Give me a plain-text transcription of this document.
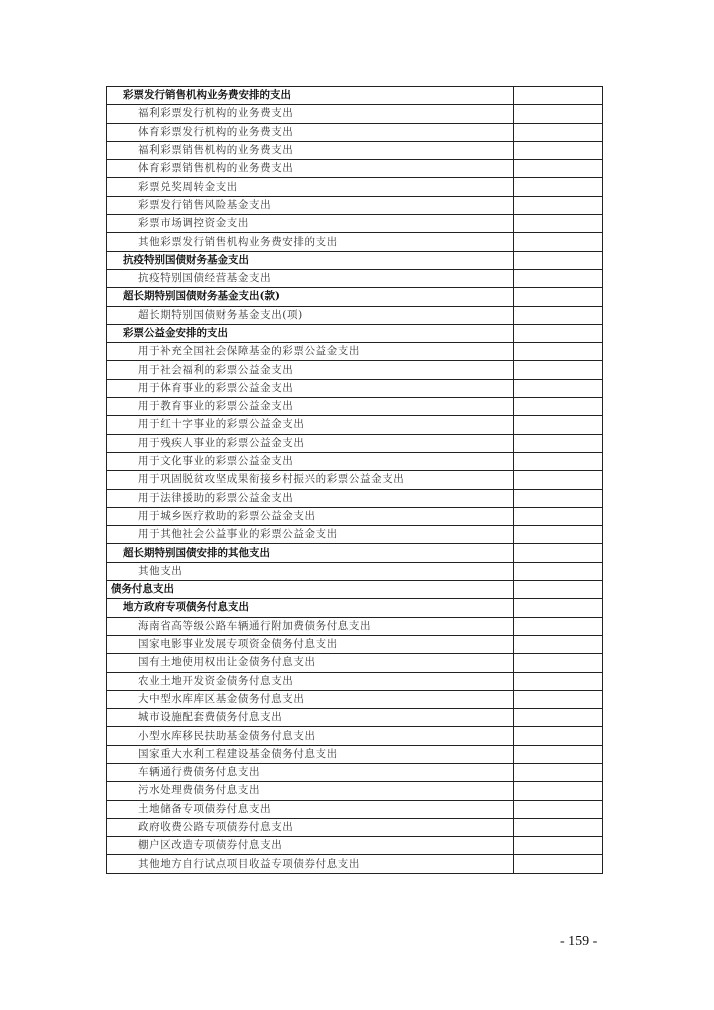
彩票发行销售机构业务费安排的支出	
福利彩票发行机构的业务费支出	
体育彩票发行机构的业务费支出	
福利彩票销售机构的业务费支出	
体育彩票销售机构的业务费支出	
彩票兑奖周转金支出	
彩票发行销售风险基金支出	
彩票市场调控资金支出	
其他彩票发行销售机构业务费安排的支出	
抗疫特别国债财务基金支出	
抗疫特别国债经营基金支出	
超长期特别国债财务基金支出(款)	
超长期特别国债财务基金支出(项)	
彩票公益金安排的支出	
用于补充全国社会保障基金的彩票公益金支出	
用于社会福利的彩票公益金支出	
用于体育事业的彩票公益金支出	
用于教育事业的彩票公益金支出	
用于红十字事业的彩票公益金支出	
用于残疾人事业的彩票公益金支出	
用于文化事业的彩票公益金支出	
用于巩固脱贫攻坚成果衔接乡村振兴的彩票公益金支出	
用于法律援助的彩票公益金支出	
用于城乡医疗救助的彩票公益金支出	
用于其他社会公益事业的彩票公益金支出	
超长期特别国债安排的其他支出	
其他支出	
债务付息支出	
地方政府专项债务付息支出	
海南省高等级公路车辆通行附加费债务付息支出	
国家电影事业发展专项资金债务付息支出	
国有土地使用权出让金债务付息支出	
农业土地开发资金债务付息支出	
大中型水库库区基金债务付息支出	
城市设施配套费债务付息支出	
小型水库移民扶助基金债务付息支出	
国家重大水利工程建设基金债务付息支出	
车辆通行费债务付息支出	
污水处理费债务付息支出	
土地储备专项债券付息支出	
政府收费公路专项债券付息支出	
棚户区改造专项债券付息支出	
其他地方自行试点项目收益专项债券付息支出	
- 159 -
